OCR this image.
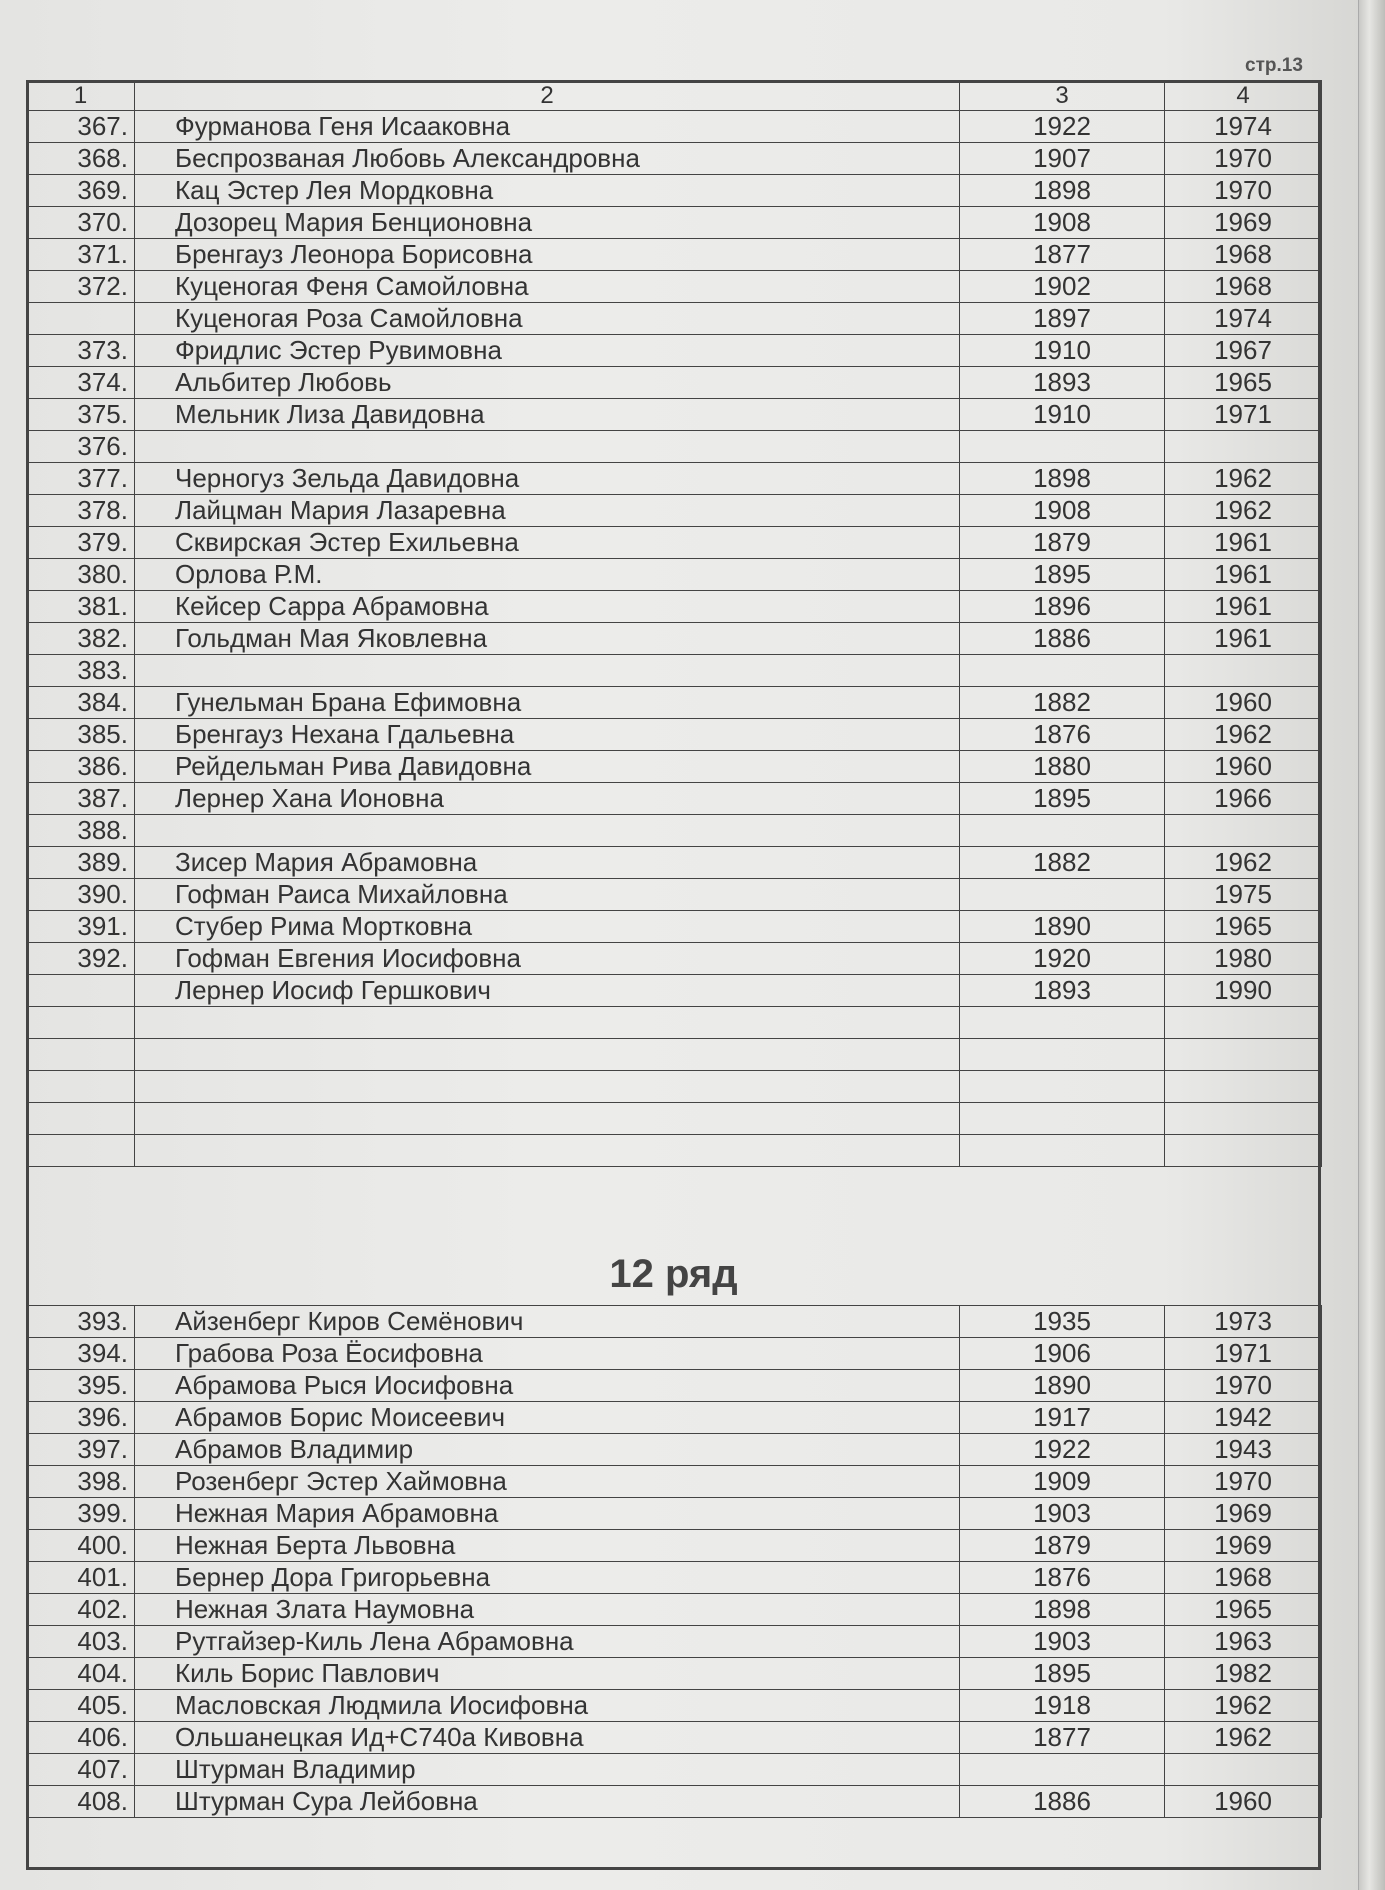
стр.13
1	2	3	4
367.	Фурманова Геня Исааковна	1922	1974
368.	Беспрозваная Любовь Александровна	1907	1970
369.	Кац Эстер Лея Мордковна	1898	1970
370.	Дозорец Мария Бенционовна	1908	1969
371.	Бренгауз Леонора Борисовна	1877	1968
372.	Куценогая Феня Самойловна	1902	1968
	Куценогая Роза Самойловна	1897	1974
373.	Фридлис Эстер Рувимовна	1910	1967
374.	Альбитер Любовь	1893	1965
375.	Мельник Лиза Давидовна	1910	1971
376.			
377.	Черногуз Зельда Давидовна	1898	1962
378.	Лайцман Мария Лазаревна	1908	1962
379.	Сквирская Эстер Ехильевна	1879	1961
380.	Орлова Р.М.	1895	1961
381.	Кейсер Сарра Абрамовна	1896	1961
382.	Гольдман Мая Яковлевна	1886	1961
383.			
384.	Гунельман Брана Ефимовна	1882	1960
385.	Бренгауз Нехана Гдальевна	1876	1962
386.	Рейдельман Рива Давидовна	1880	1960
387.	Лернер Хана Ионовна	1895	1966
388.			
389.	Зисер Мария Абрамовна	1882	1962
390.	Гофман Раиса Михайловна		1975
391.	Стубер Рима Морткoвна	1890	1965
392.	Гофман Евгения Иосифовна	1920	1980
	Лернер Иосиф Гершкович	1893	1990

12 ряд
393.	Айзенберг Киров Семёнович	1935	1973
394.	Грабова Роза Ёосифовна	1906	1971
395.	Абрамова Рыся Иосифовна	1890	1970
396.	Абрамов Борис Моисеевич	1917	1942
397.	Абрамов Владимир	1922	1943
398.	Розенберг Эстер Хаймовна	1909	1970
399.	Нежная Мария Абрамовна	1903	1969
400.	Нежная Берта Львовна	1879	1969
401.	Бернер Дора Григорьевна	1876	1968
402.	Нежная Злата Наумовна	1898	1965
403.	Рутгайзер-Киль Лена Абрамовна	1903	1963
404.	Киль Борис Павлович	1895	1982
405.	Масловская Людмила Иосифовна	1918	1962
406.	Ольшанецкая Ид+С740а Кивовна	1877	1962
407.	Штурман Владимир		
408.	Штурман Сура Лейбовна	1886	1960
